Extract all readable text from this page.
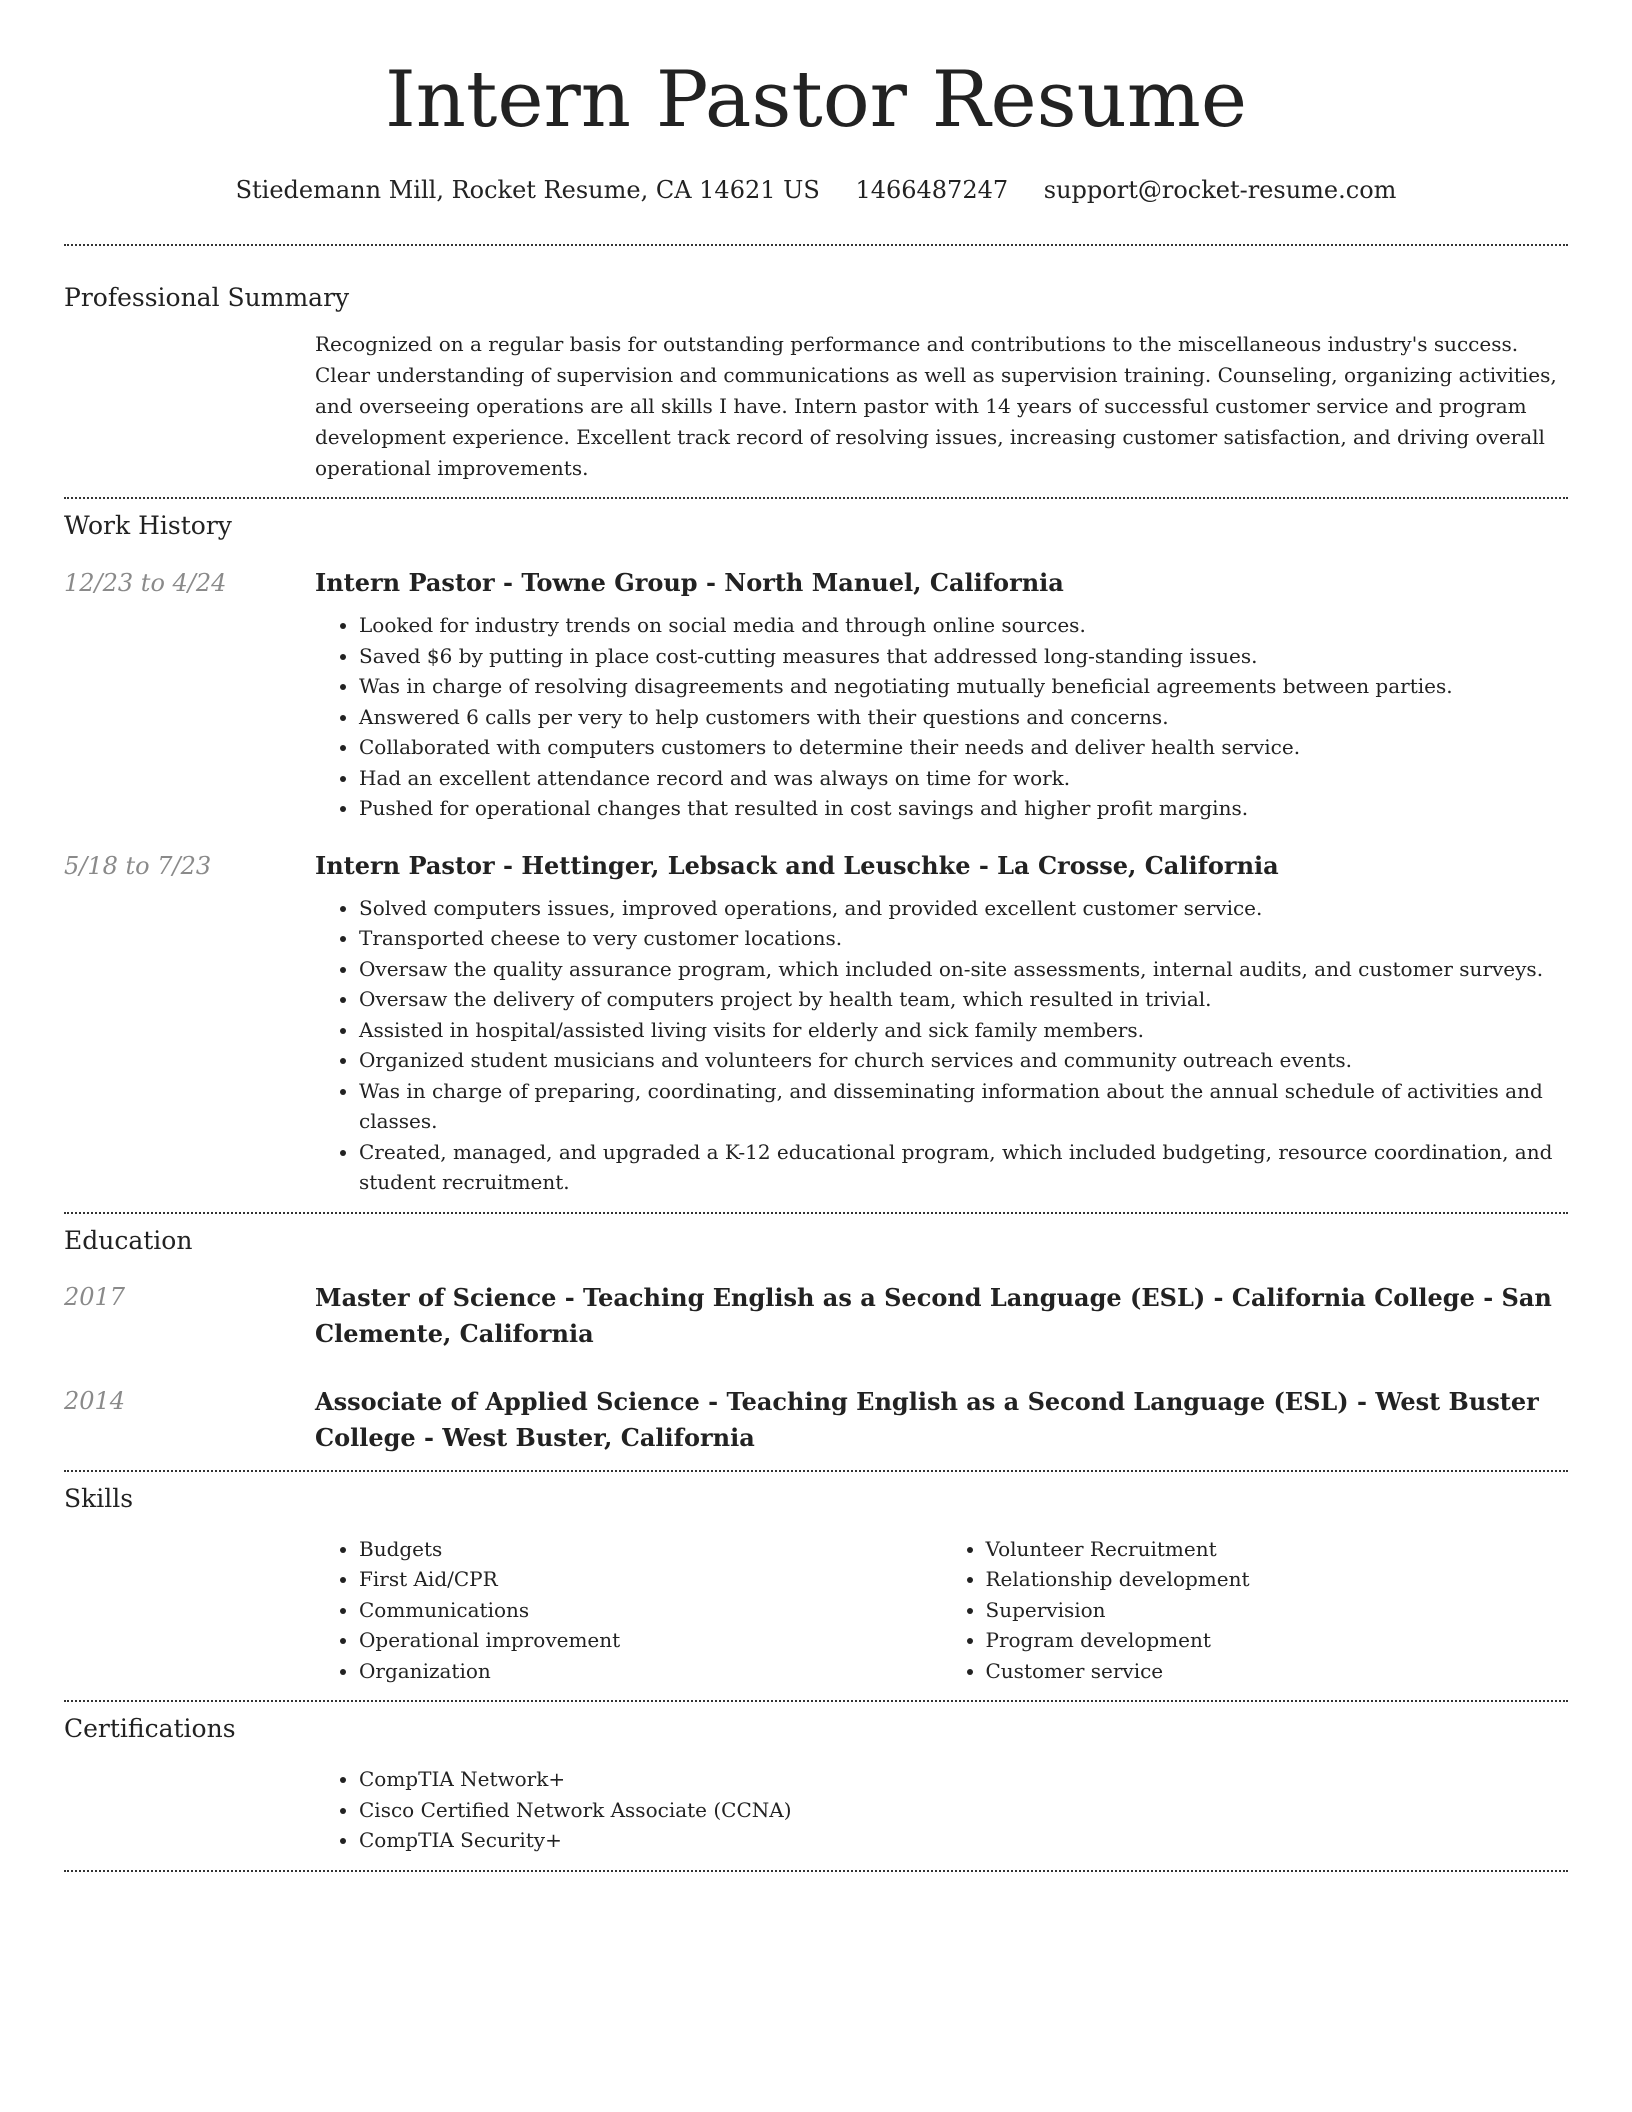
Intern Pastor Resume
Stiedemann Mill, Rocket Resume, CA 14621 US 1466487247 support@rocket-resume.com
Professional Summary

Recognized on a regular basis for outstanding performance and contributions to the miscellaneous industry's success. Clear understanding of supervision and communications as well as supervision training. Counseling, organizing activities, and overseeing operations are all skills I have. Intern pastor with 14 years of successful customer service and program development experience. Excellent track record of resolving issues, increasing customer satisfaction, and driving overall operational improvements.

Work History
12/23 to 4/24	Intern Pastor - Towne Group - North Manuel, California
• Looked for industry trends on social media and through online sources.
• Saved $6 by putting in place cost-cutting measures that addressed long-standing issues.
• Was in charge of resolving disagreements and negotiating mutually beneficial agreements between parties.
• Answered 6 calls per very to help customers with their questions and concerns.
• Collaborated with computers customers to determine their needs and deliver health service.
• Had an excellent attendance record and was always on time for work.
• Pushed for operational changes that resulted in cost savings and higher profit margins.
5/18 to 7/23	Intern Pastor - Hettinger, Lebsack and Leuschke - La Crosse, California
• Solved computers issues, improved operations, and provided excellent customer service.
• Transported cheese to very customer locations.
• Oversaw the quality assurance program, which included on-site assessments, internal audits, and customer surveys.
• Oversaw the delivery of computers project by health team, which resulted in trivial.
• Assisted in hospital/assisted living visits for elderly and sick family members.
• Organized student musicians and volunteers for church services and community outreach events.
• Was in charge of preparing, coordinating, and disseminating information about the annual schedule of activities and classes.
• Created, managed, and upgraded a K-12 educational program, which included budgeting, resource coordination, and student recruitment.
Education
2017	Master of Science - Teaching English as a Second Language (ESL) - California College - San Clemente, California
2014	Associate of Applied Science - Teaching English as a Second Language (ESL) - West Buster College - West Buster, California
Skills
• Budgets
• First Aid/CPR
• Communications
• Operational improvement
• Organization
• Volunteer Recruitment
• Relationship development
• Supervision
• Program development
• Customer service
Certifications
• CompTIA Network+
• Cisco Certified Network Associate (CCNA)
• CompTIA Security+
